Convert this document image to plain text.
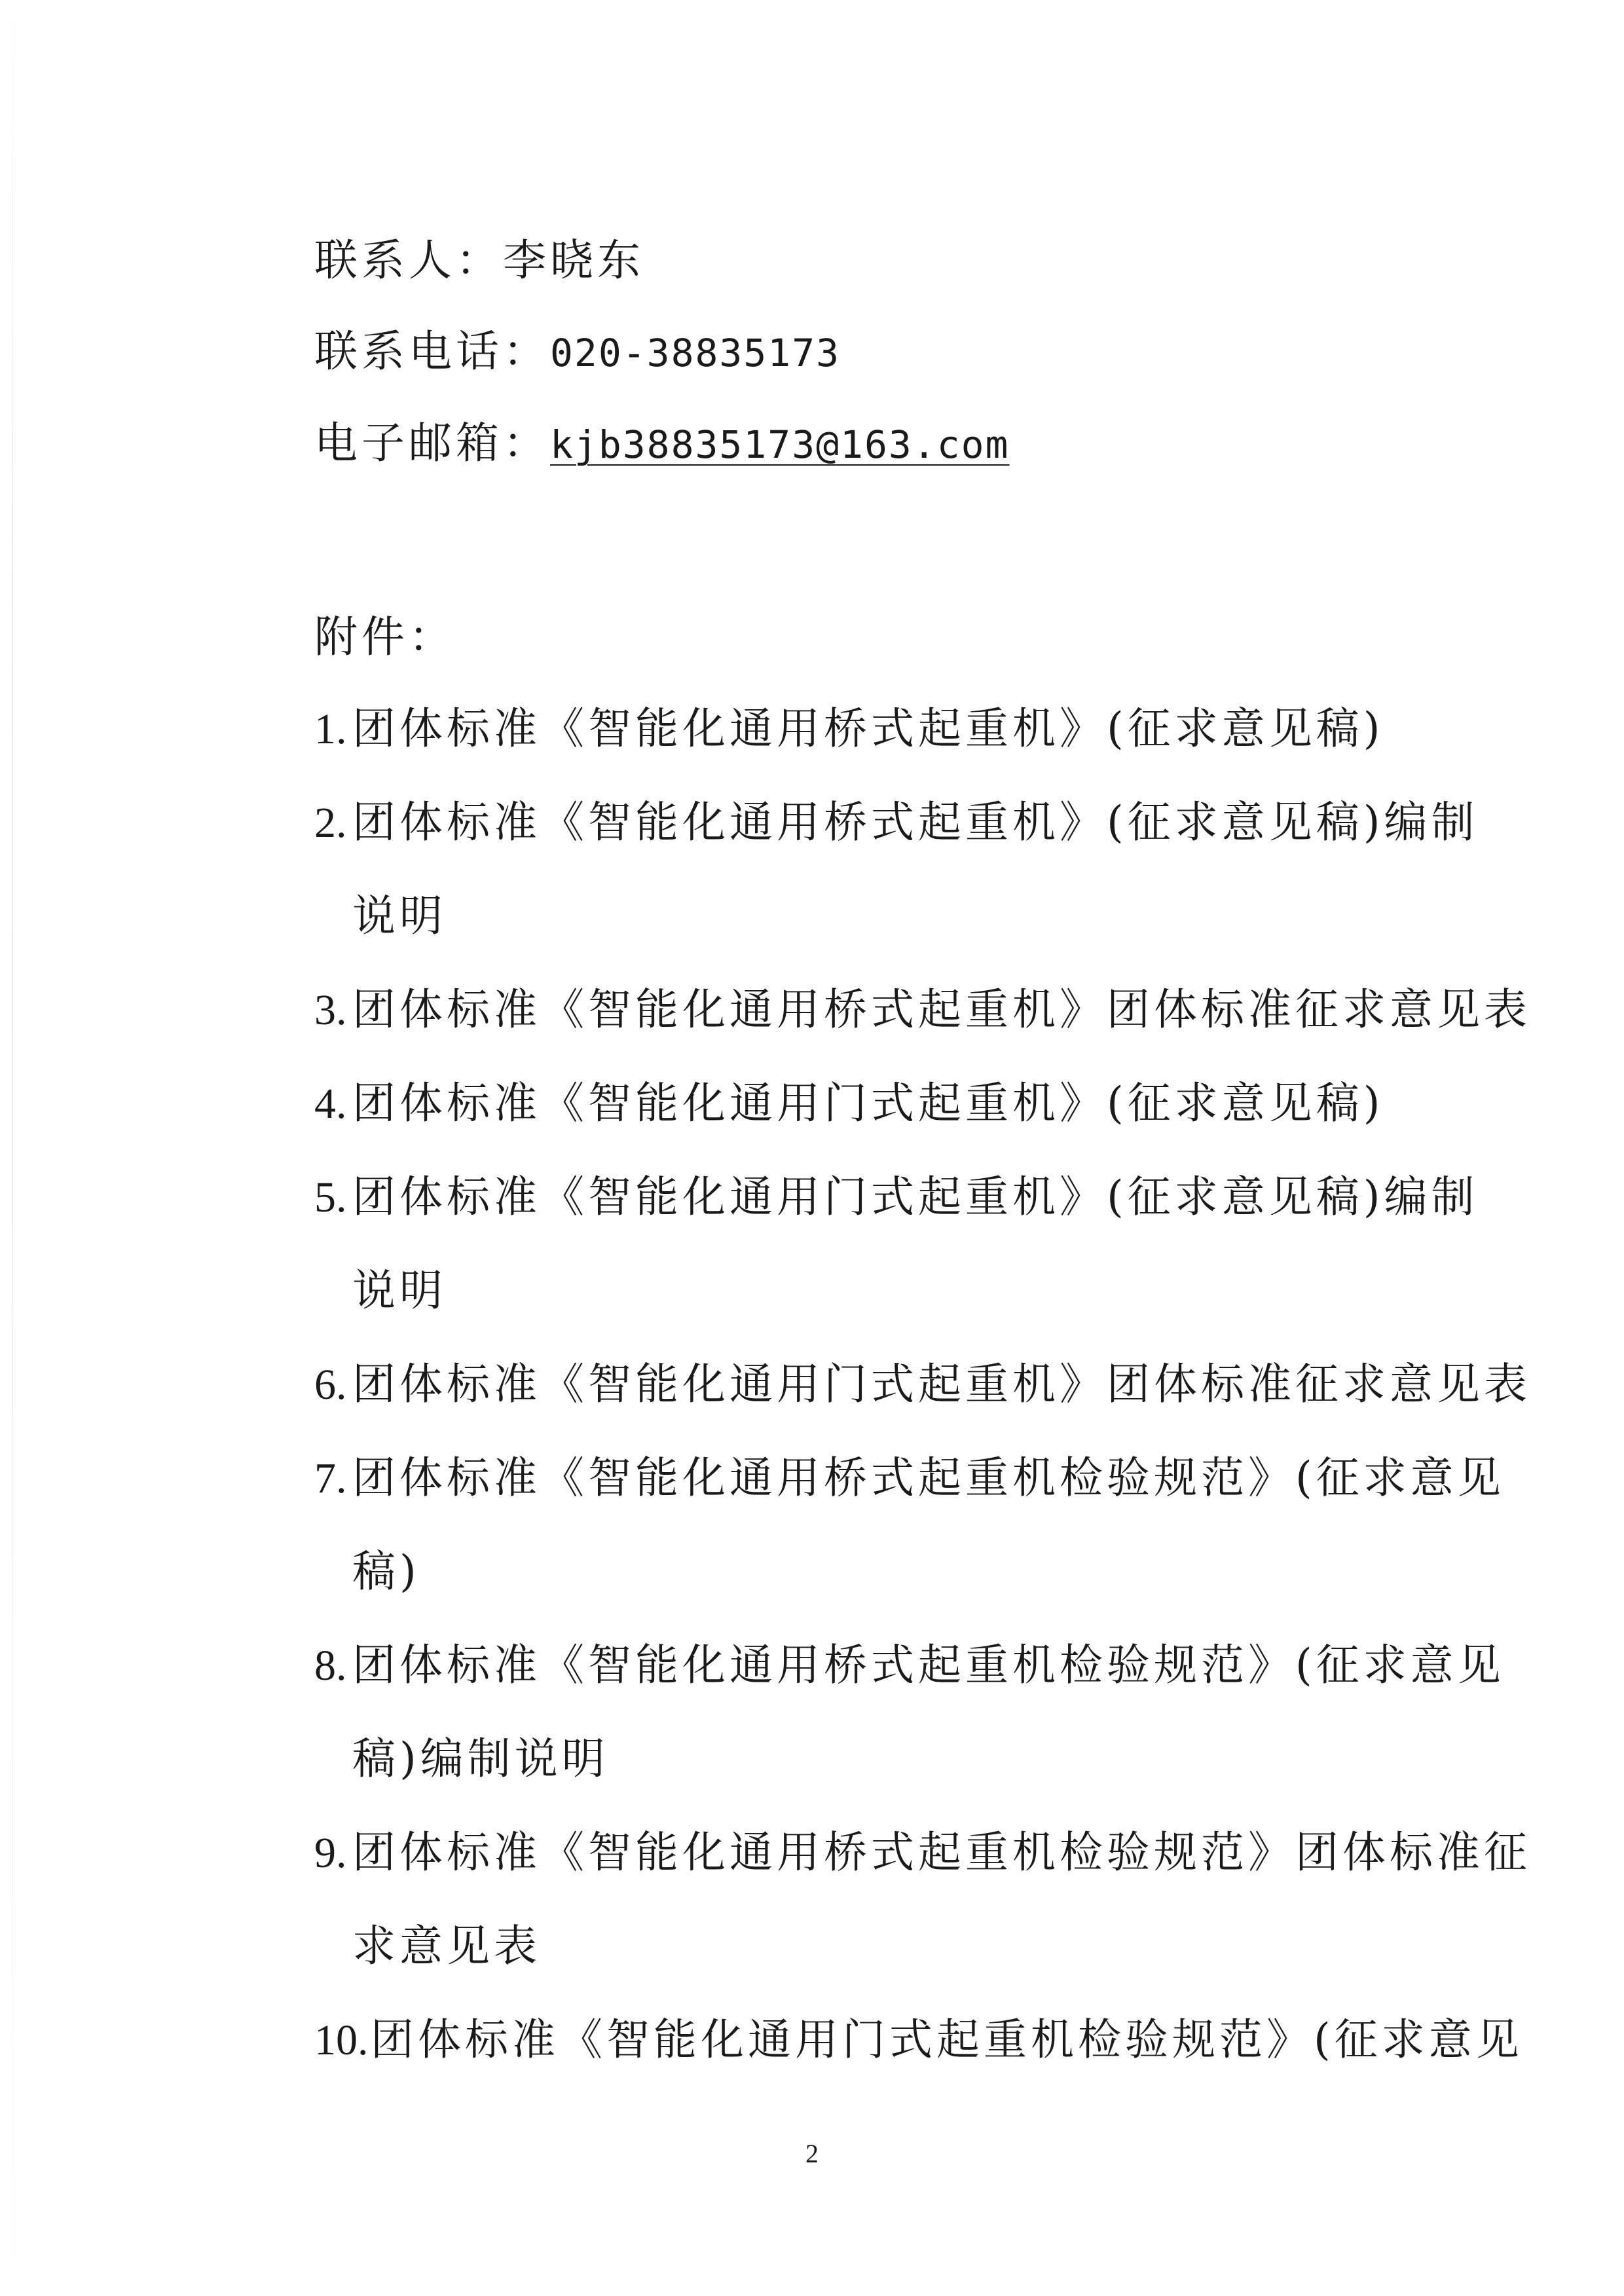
联系人：李晓东
联系电话：020-38835173
电子邮箱：kjb38835173@163.com
附件：
1. 团体标准《智能化通用桥式起重机》(征求意见稿)
2. 团体标准《智能化通用桥式起重机》(征求意见稿)编制
说明
3. 团体标准《智能化通用桥式起重机》团体标准征求意见表
4. 团体标准《智能化通用门式起重机》(征求意见稿)
5. 团体标准《智能化通用门式起重机》(征求意见稿)编制
说明
6. 团体标准《智能化通用门式起重机》团体标准征求意见表
7. 团体标准《智能化通用桥式起重机检验规范》(征求意见
稿)
8. 团体标准《智能化通用桥式起重机检验规范》(征求意见
稿)编制说明
9. 团体标准《智能化通用桥式起重机检验规范》团体标准征
求意见表
10. 团体标准《智能化通用门式起重机检验规范》(征求意见
2
